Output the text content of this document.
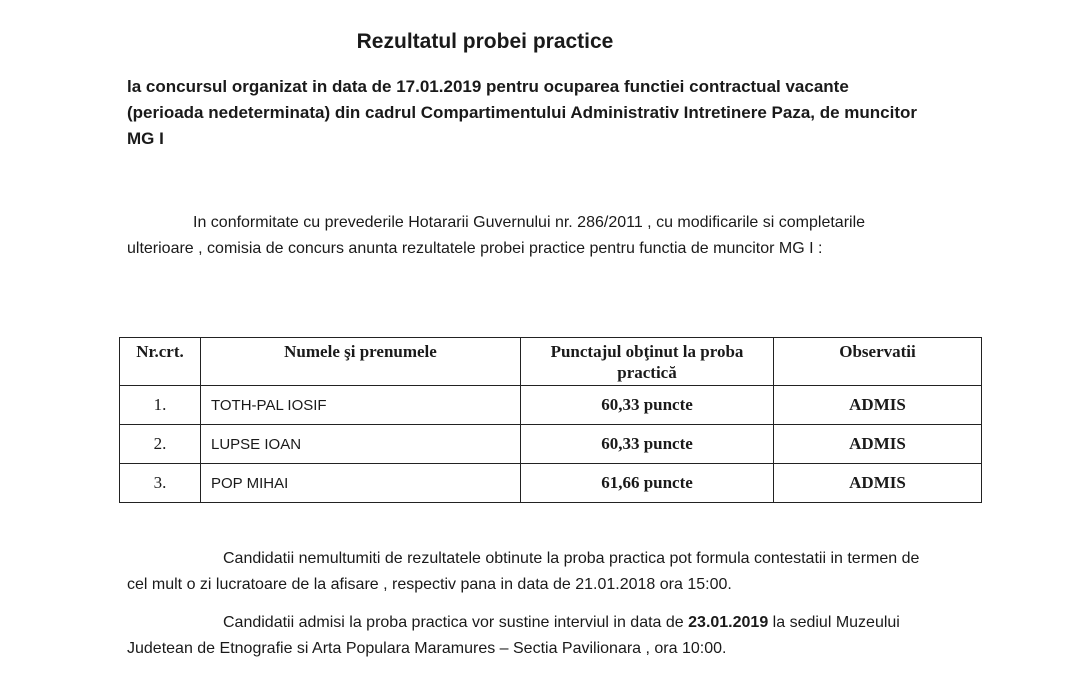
Rezultatul probei practice
la concursul organizat in data de 17.01.2019 pentru ocuparea functiei contractual vacante (perioada nedeterminata) din cadrul Compartimentului Administrativ Intretinere Paza, de muncitor MG I
In conformitate cu prevederile Hotararii Guvernului nr. 286/2011 , cu modificarile si completarile ulterioare , comisia de concurs anunta rezultatele probei practice pentru functia de muncitor MG I :
Nr.crt.	Numele şi prenumele	Punctajul obţinut la proba practică	Observatii
1.	TOTH-PAL IOSIF	60,33 puncte	ADMIS
2.	LUPSE IOAN	60,33 puncte	ADMIS
3.	POP MIHAI	61,66 puncte	ADMIS
Candidatii nemultumiti de rezultatele obtinute la proba practica pot formula contestatii in termen de cel mult o zi lucratoare de la afisare , respectiv pana in data de 21.01.2018 ora 15:00.
Candidatii admisi la proba practica vor sustine interviul in data de 23.01.2019 la sediul Muzeului Judetean de Etnografie si Arta Populara Maramures – Sectia Pavilionara , ora 10:00.
